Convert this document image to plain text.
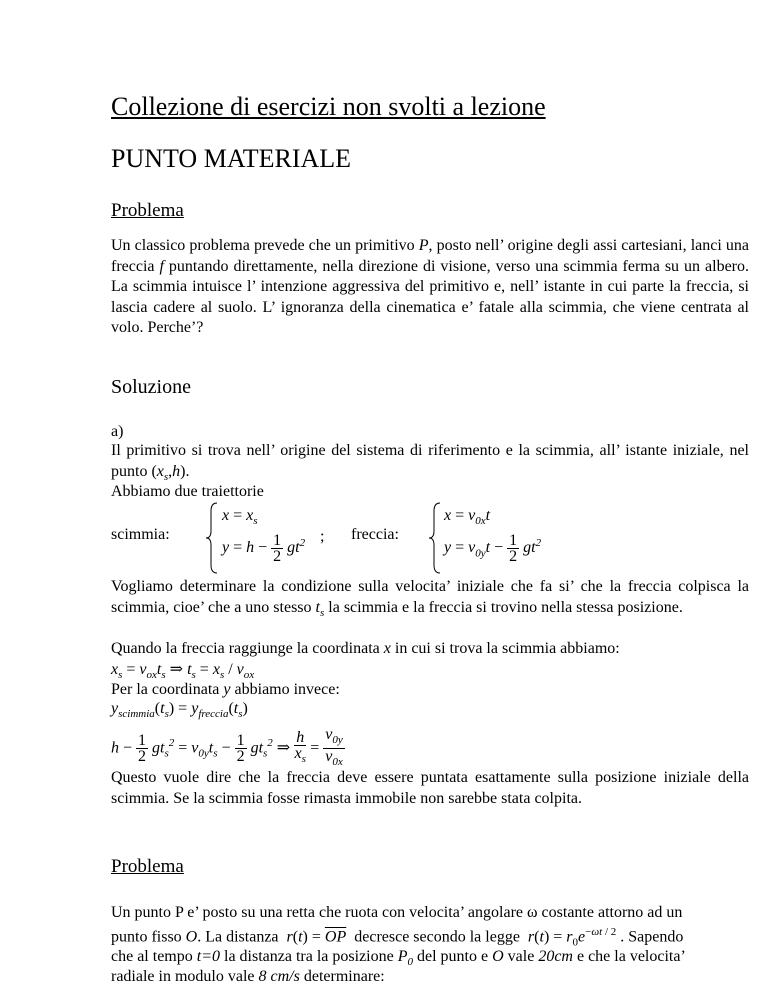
Collezione di esercizi non svolti a lezione
PUNTO MATERIALE
Problema
Un classico problema prevede che un primitivo P, posto nell’ origine degli assi cartesiani, lanci una freccia f puntando direttamente, nella direzione di visione, verso una scimmia ferma su un albero. La scimmia intuisce l’ intenzione aggressiva del primitivo e, nell’ istante in cui parte la freccia, si lascia cadere al suolo. L’ ignoranza della cinematica e’ fatale alla scimmia, che viene centrata al volo. Perche’?
Soluzione
a)
Il primitivo si trova nell’ origine del sistema di riferimento e la scimmia, all’ istante iniziale, nel punto $(x_s,h)$.
Abbiamo due traiettorie
scimmia:
$x = x_s$
$y = h - \frac{1}{2} gt^2$ ; freccia:
$x = v_{0x}t$
$y = v_{0y}t - \frac{1}{2} gt^2$
Vogliamo determinare la condizione sulla velocita’ iniziale che fa si’ che la freccia colpisca la scimmia, cioe’ che a uno stesso $t_s$ la scimmia e la freccia si trovino nella stessa posizione.
Quando la freccia raggiunge la coordinata x in cui si trova la scimmia abbiamo:
$x_s = v_{ox}t_s$ ⇒ $t_s = x_s / v_{ox}$
Per la coordinata y abbiamo invece:
$y_{scimmia}(t_s) = y_{freccia}(t_s)$
$h - \frac{1}{2} gt_s^2 = v_{0y}t_s - \frac{1}{2} gt_s^2$ ⇒ $\frac{h}{x_s} = \frac{v_{0y}}{v_{0x}}$
Questo vuole dire che la freccia deve essere puntata esattamente sulla posizione iniziale della scimmia. Se la scimmia fosse rimasta immobile non sarebbe stata colpita.
Problema
Un punto P e’ posto su una retta che ruota con velocita’ angolare ω costante attorno ad un
punto fisso O. La distanza  $r(t) = \overline{OP}$  decresce secondo la legge  $r(t) = r_0e^{-\omega t / 2}$ . Sapendo
che al tempo t=0 la distanza tra la posizione $P_0$ del punto e O vale 20cm e che la velocita’
radiale in modulo vale 8 cm/s determinare:
